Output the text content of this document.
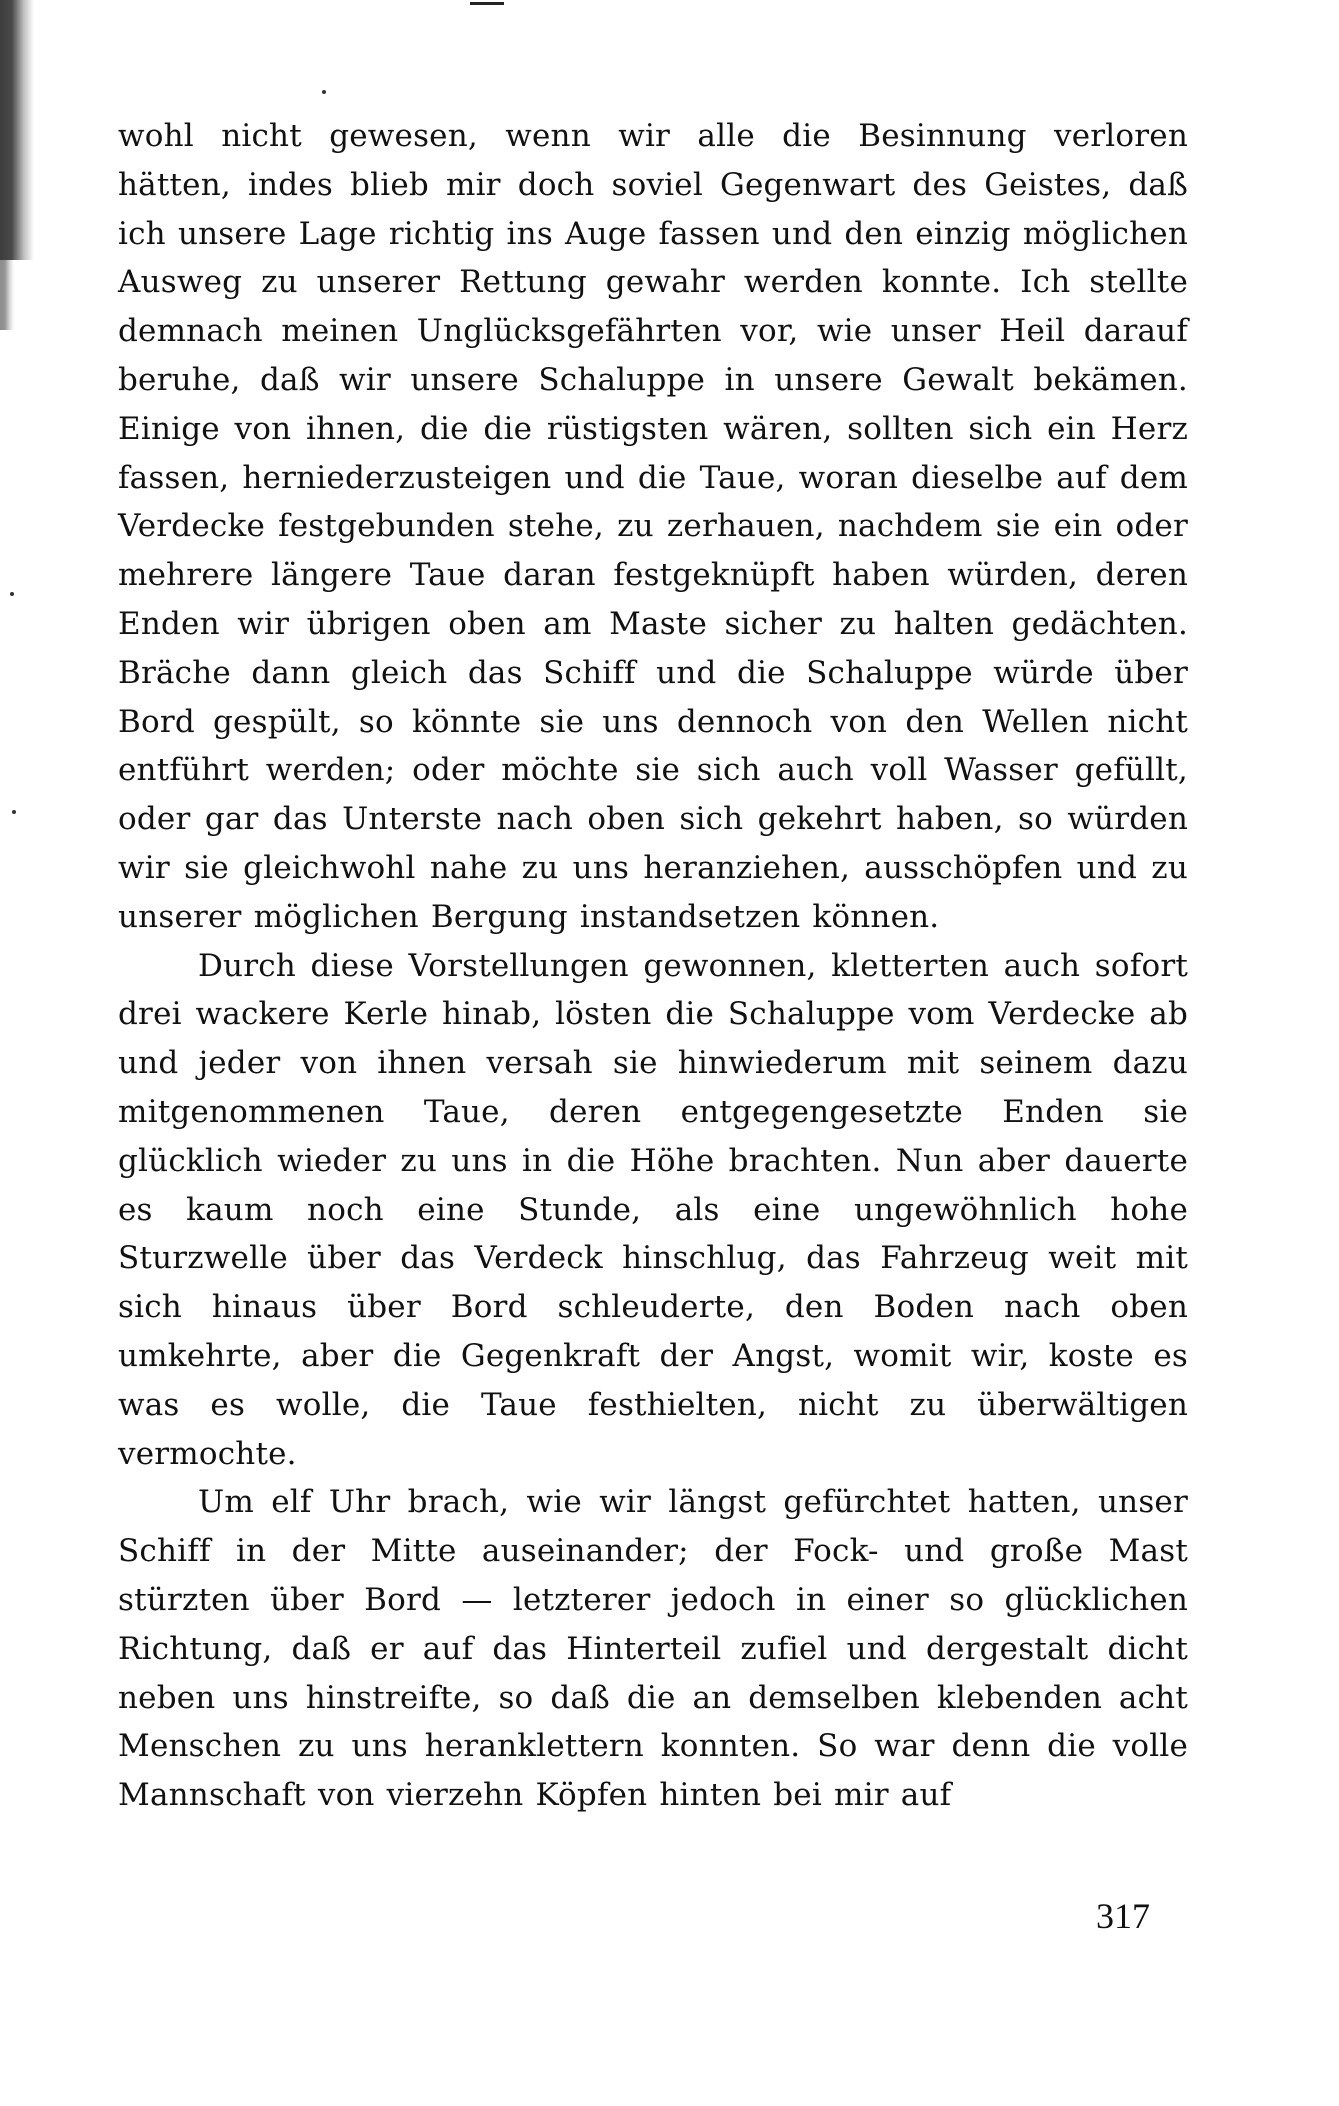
wohl nicht gewesen, wenn wir alle die Besinnung verloren hätten, indes blieb mir doch soviel Gegenwart des Geistes, daß ich unsere Lage richtig ins Auge fassen und den einzig möglichen Ausweg zu unserer Rettung gewahr werden konnte. Ich stellte demnach meinen Unglücksgefährten vor, wie unser Heil darauf beruhe, daß wir unsere Schaluppe in unsere Gewalt bekämen. Einige von ihnen, die die rüstigsten wären, sollten sich ein Herz fassen, herniederzusteigen und die Taue, woran dieselbe auf dem Verdecke festgebunden stehe, zu zerhauen, nachdem sie ein oder mehrere längere Taue daran festgeknüpft haben würden, deren Enden wir übrigen oben am Maste sicher zu halten gedächten. Bräche dann gleich das Schiff und die Schaluppe würde über Bord gespült, so könnte sie uns dennoch von den Wellen nicht entführt werden; oder möchte sie sich auch voll Wasser gefüllt, oder gar das Unterste nach oben sich gekehrt haben, so würden wir sie gleichwohl nahe zu uns heranziehen, ausschöpfen und zu unserer möglichen Bergung instandsetzen können.

Durch diese Vorstellungen gewonnen, kletterten auch sofort drei wackere Kerle hinab, lösten die Schaluppe vom Verdecke ab und jeder von ihnen versah sie hinwiederum mit seinem dazu mitgenommenen Taue, deren entgegengesetzte Enden sie glücklich wieder zu uns in die Höhe brachten. Nun aber dauerte es kaum noch eine Stunde, als eine ungewöhnlich hohe Sturzwelle über das Verdeck hinschlug, das Fahrzeug weit mit sich hinaus über Bord schleuderte, den Boden nach oben umkehrte, aber die Gegenkraft der Angst, womit wir, koste es was es wolle, die Taue festhielten, nicht zu überwältigen vermochte.

Um elf Uhr brach, wie wir längst gefürchtet hatten, unser Schiff in der Mitte auseinander; der Fock- und große Mast stürzten über Bord — letzterer jedoch in einer so glücklichen Richtung, daß er auf das Hinterteil zufiel und dergestalt dicht neben uns hinstreifte, so daß die an demselben klebenden acht Menschen zu uns heranklettern konnten. So war denn die volle Mannschaft von vierzehn Köpfen hinten bei mir auf

317
